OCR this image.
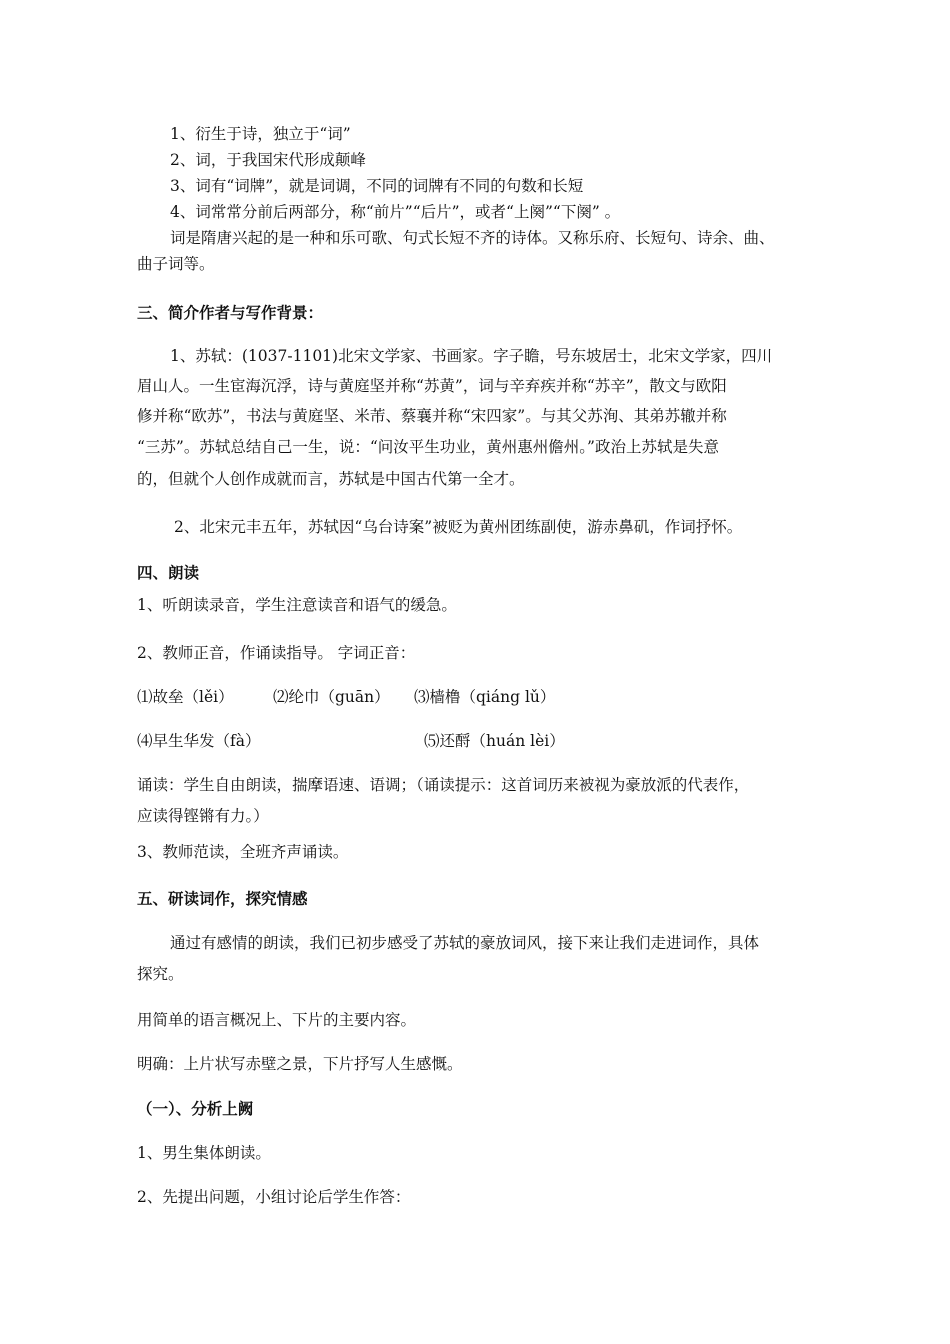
1、衍生于诗，独立于“词”
2、词，于我国宋代形成颠峰
3、词有“词牌”，就是词调，不同的词牌有不同的句数和长短
4、词常常分前后两部分，称“前片”“后片”，或者“上阕”“下阕” 。
词是隋唐兴起的是一种和乐可歌、句式长短不齐的诗体。又称乐府、长短句、诗余、曲、
曲子词等。
三、简介作者与写作背景：
1、苏轼：(1037-1101)北宋文学家、书画家。字子瞻，号东坡居士，北宋文学家，四川
眉山人。一生宦海沉浮，诗与黄庭坚并称“苏黄”，词与辛弃疾并称“苏辛”，散文与欧阳
修并称“欧苏”，书法与黄庭坚、米芾、蔡襄并称“宋四家”。与其父苏洵、其弟苏辙并称
“三苏”。苏轼总结自己一生，说：“问汝平生功业，黄州惠州儋州。”政治上苏轼是失意
的，但就个人创作成就而言，苏轼是中国古代第一全才。
2、北宋元丰五年，苏轼因“乌台诗案”被贬为黄州团练副使，游赤鼻矶，作词抒怀。
四、朗读
1、听朗读录音，学生注意读音和语气的缓急。
2、教师正音，作诵读指导。 字词正音：
⑴故垒（lěi）	⑵纶巾（guān） ⑶樯橹（qiáng lǔ）
⑷早生华发（fà）	⑸还酹（huán lèi）
诵读：学生自由朗读，揣摩语速、语调；（诵读提示：这首词历来被视为豪放派的代表作，
应读得铿锵有力。）
3、教师范读，全班齐声诵读。
五、研读词作，探究情感
通过有感情的朗读，我们已初步感受了苏轼的豪放词风，接下来让我们走进词作，具体
探究。
用简单的语言概况上、下片的主要内容。
明确：上片状写赤壁之景，下片抒写人生感慨。
（一）、分析上阙
1、男生集体朗读。
2、先提出问题，小组讨论后学生作答：
